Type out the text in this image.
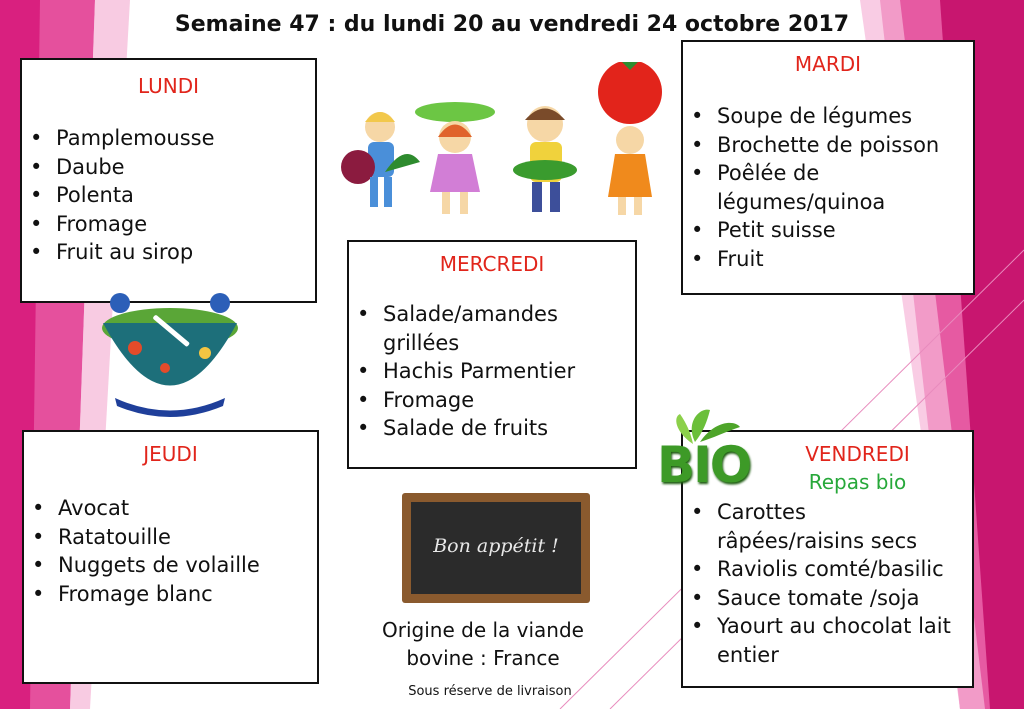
Semaine 47 : du lundi 20 au vendredi 24 octobre 2017
LUNDI
• Pamplemousse
• Daube
• Polenta
• Fromage
• Fruit au sirop
MARDI
• Soupe de légumes
• Brochette de poisson
• Poêlée de légumes/quinoa
• Petit suisse
• Fruit
MERCREDI
• Salade/amandes grillées
• Hachis Parmentier
• Fromage
• Salade de fruits
JEUDI
• Avocat
• Ratatouille
• Nuggets de volaille
• Fromage blanc
VENDREDI
Repas bio
• Carottes râpées/raisins secs
• Raviolis comté/basilic
• Sauce tomate /soja
• Yaourt au chocolat lait entier
BIO
Bon appétit !
Origine de la viande bovine : France
Sous réserve de livraison
